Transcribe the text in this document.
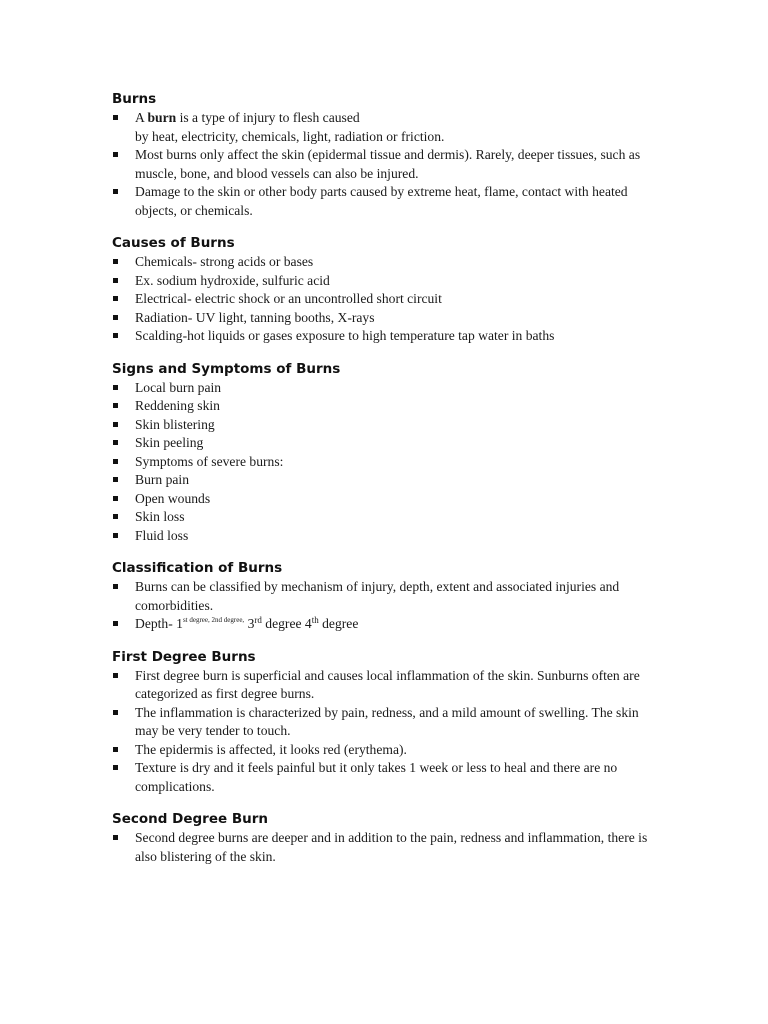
Burns
A burn is a type of injury to flesh caused
by heat, electricity, chemicals, light, radiation or friction.
Most burns only affect the skin (epidermal tissue and dermis). Rarely, deeper tissues, such as muscle, bone, and blood vessels can also be injured.
Damage to the skin or other body parts caused by extreme heat, flame, contact with heated objects, or chemicals.
Causes of Burns
Chemicals- strong acids or bases
Ex. sodium hydroxide, sulfuric acid
Electrical- electric shock or an uncontrolled short circuit
Radiation- UV light, tanning booths, X-rays
Scalding-hot liquids or gases exposure to high temperature tap water in baths
Signs and Symptoms of Burns
Local burn pain
Reddening skin
Skin blistering
Skin peeling
Symptoms of severe burns:
Burn pain
Open wounds
Skin loss
Fluid loss
Classification of Burns
Burns can be classified by mechanism of injury, depth, extent and associated injuries and comorbidities.
Depth- $1^{st degree, 2nd degree,}$ 3rd degree 4th degree
First Degree Burns
First degree burn is superficial and causes local inflammation of the skin. Sunburns often are categorized as first degree burns.
The inflammation is characterized by pain, redness, and a mild amount of swelling. The skin may be very tender to touch.
The epidermis is affected, it looks red (erythema).
Texture is dry and it feels painful but it only takes 1 week or less to heal and there are no complications.
Second Degree Burn
Second degree burns are deeper and in addition to the pain, redness and inflammation, there is also blistering of the skin.
